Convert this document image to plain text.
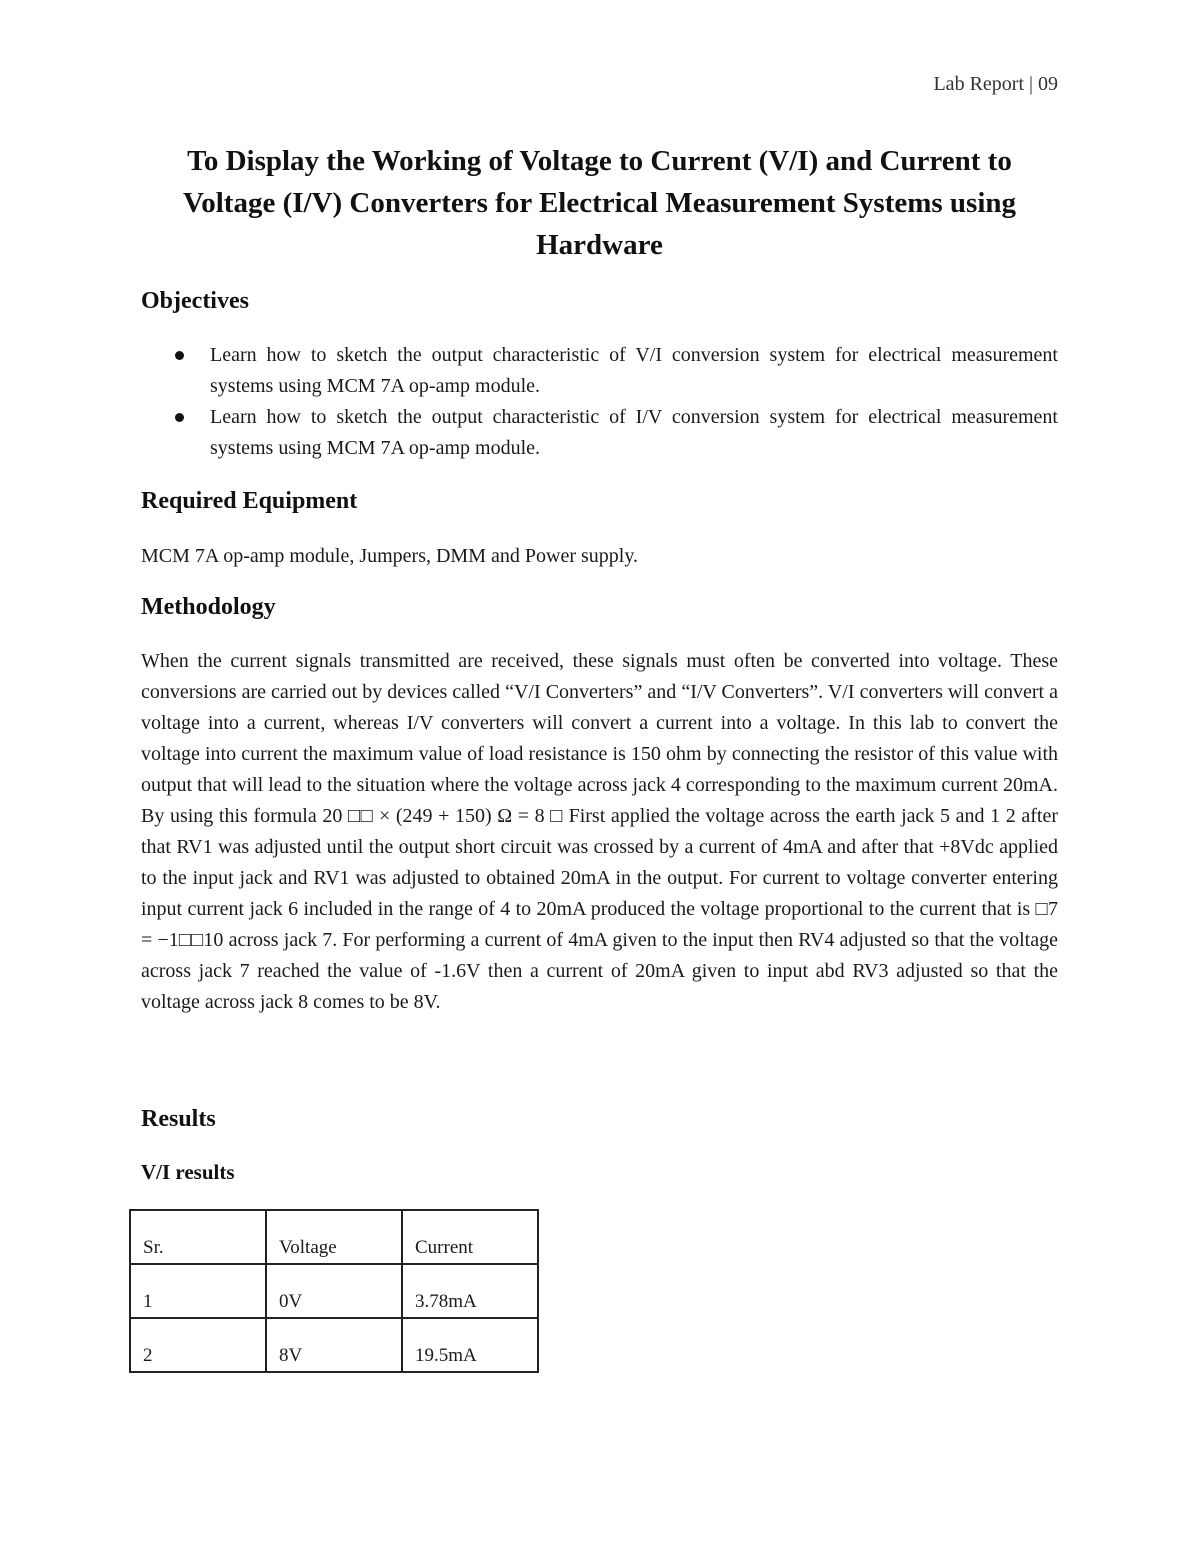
Lab Report | 09
To Display the Working of Voltage to Current (V/I) and Current to Voltage (I/V) Converters for Electrical Measurement Systems using Hardware
Objectives
Learn how to sketch the output characteristic of V/I conversion system for electrical measurement systems using MCM 7A op-amp module.
Learn how to sketch the output characteristic of I/V conversion system for electrical measurement systems using MCM 7A op-amp module.
Required Equipment
MCM 7A op-amp module, Jumpers, DMM and Power supply.
Methodology

When the current signals transmitted are received, these signals must often be converted into voltage. These conversions are carried out by devices called “V/I Converters” and “I/V Converters”. V/I converters will convert a voltage into a current, whereas I/V converters will convert a current into a voltage. In this lab to convert the voltage into current the maximum value of load resistance is 150 ohm by connecting the resistor of this value with output that will lead to the situation where the voltage across jack 4 corresponding to the maximum current 20mA. By using this formula 20 □□ × (249 + 150) Ω = 8 □ First applied the voltage across the earth jack 5 and 1 2 after that RV1 was adjusted until the output short circuit was crossed by a current of 4mA and after that +8Vdc applied to the input jack and RV1 was adjusted to obtained 20mA in the output. For current to voltage converter entering input current jack 6 included in the range of 4 to 20mA produced the voltage proportional to the current that is □7 = −1□□10 across jack 7. For performing a current of 4mA given to the input then RV4 adjusted so that the voltage across jack 7 reached the value of -1.6V then a current of 20mA given to input abd RV3 adjusted so that the voltage across jack 8 comes to be 8V.

Results
V/I results
Sr.	Voltage	Current
1	0V	3.78mA
2	8V	19.5mA
